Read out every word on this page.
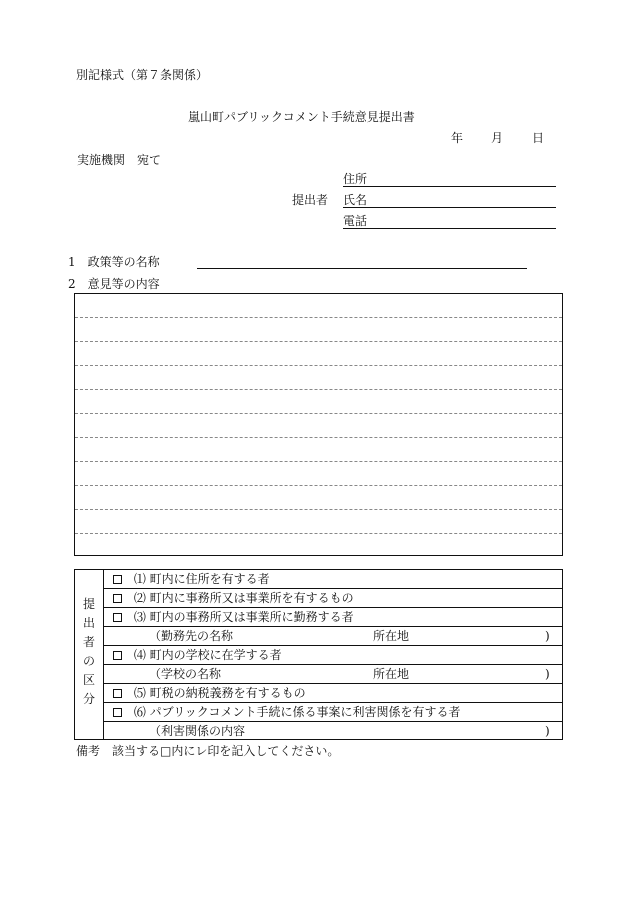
別記様式（第７条関係）
嵐山町パブリックコメント手続意見提出書
年 月 日
実施機関　宛て
住所
提出者 氏名
電話
1　政策等の名称
2　意見等の内容
提
出
者
の
区
分
⑴ 町内に住所を有する者
⑵ 町内に事務所又は事業所を有するもの
⑶ 町内の事務所又は事業所に勤務する者
（勤務先の名称	所在地	)
⑷ 町内の学校に在学する者
（学校の名称	所在地	)
⑸ 町税の納税義務を有するもの
⑹ パブリックコメント手続に係る事案に利害関係を有する者
（利害関係の内容	)
備考　該当する□内にレ印を記入してください。
